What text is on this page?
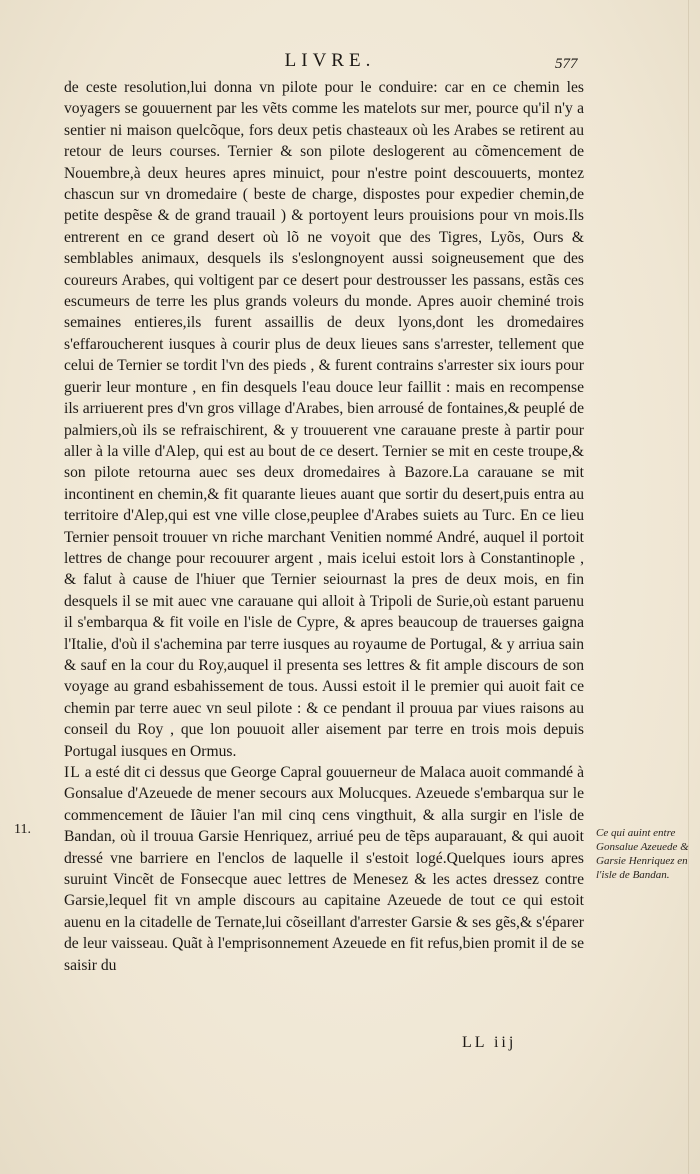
LIVRE.	577

de ceste resolution,lui donna vn pilote pour le conduire: car en ce chemin les voyagers se gouuernent par les vẽts comme les matelots sur mer, pource qu'il n'y a sentier ni maison quelcõque, fors deux petis chasteaux où les Arabes se retirent au retour de leurs courses. Ternier & son pilote deslogerent au cõmencement de Nouembre,à deux heures apres minuict, pour n'estre point descouuerts, montez chascun sur vn dromedaire ( beste de charge, dispostes pour expedier chemin,de petite despẽse & de grand trauail ) & portoyent leurs prouisions pour vn mois.Ils entrerent en ce grand desert où lõ ne voyoit que des Tigres, Lyõs, Ours & semblables animaux, desquels ils s'eslongnoyent aussi soigneusement que des coureurs Arabes, qui voltigent par ce desert pour destrousser les passans, estãs ces escumeurs de terre les plus grands voleurs du monde. Apres auoir cheminé trois semaines entieres,ils furent assaillis de deux lyons,dont les dromedaires s'effaroucherent iusques à courir plus de deux lieues sans s'arrester, tellement que celui de Ternier se tordit l'vn des pieds , & furent contrains s'arrester six iours pour guerir leur monture , en fin desquels l'eau douce leur faillit : mais en recompense ils arriuerent pres d'vn gros village d'Arabes, bien arrousé de fontaines,& peuplé de palmiers,où ils se refraischirent, & y trouuerent vne carauane preste à partir pour aller à la ville d'Alep, qui est au bout de ce desert. Ternier se mit en ceste troupe,& son pilote retourna auec ses deux dromedaires à Bazore.La carauane se mit incontinent en chemin,& fit quarante lieues auant que sortir du desert,puis entra au territoire d'Alep,qui est vne ville close,peuplee d'Arabes suiets au Turc. En ce lieu Ternier pensoit trouuer vn riche marchant Venitien nommé André, auquel il portoit lettres de change pour recouurer argent , mais icelui estoit lors à Constantinople , & falut à cause de l'hiuer que Ternier seiournast la pres de deux mois, en fin desquels il se mit auec vne carauane qui alloit à Tripoli de Surie,où estant paruenu il s'embarqua & fit voile en l'isle de Cypre, & apres beaucoup de trauerses gaigna l'Italie, d'où il s'achemina par terre iusques au royaume de Portugal, & y arriua sain & sauf en la cour du Roy,auquel il presenta ses lettres & fit ample discours de son voyage au grand esbahissement de tous. Aussi estoit il le premier qui auoit fait ce chemin par terre auec vn seul pilote : & ce pendant il prouua par viues raisons au conseil du Roy , que lon pouuoit aller aisement par terre en trois mois depuis Portugal iusques en Ormus.

IL a esté dit ci dessus que George Capral gouuerneur de Malaca auoit commandé à Gonsalue d'Azeuede de mener secours aux Molucques. Azeuede s'embarqua sur le commencement de Iãuier l'an mil cinq cens vingthuit, & alla surgir en l'isle de Bandan, où il trouua Garsie Henriquez, arriué peu de tẽps auparauant, & qui auoit dressé vne barriere en l'enclos de laquelle il s'estoit logé.Quelques iours apres suruint Vincẽt de Fonsecque auec lettres de Menesez & les actes dressez contre Garsie,lequel fit vn ample discours au capitaine Azeuede de tout ce qui estoit auenu en la citadelle de Ternate,lui cõseillant d'arrester Garsie & ses gẽs,& s'éparer de leur vaisseau. Quãt à l'emprisonnement Azeuede en fit refus,bien promit il de se saisir du

11.	Ce qui auint entre Gonsalue Azeuede & Garsie Henriquez en l'isle de Bandan.
LL iij
